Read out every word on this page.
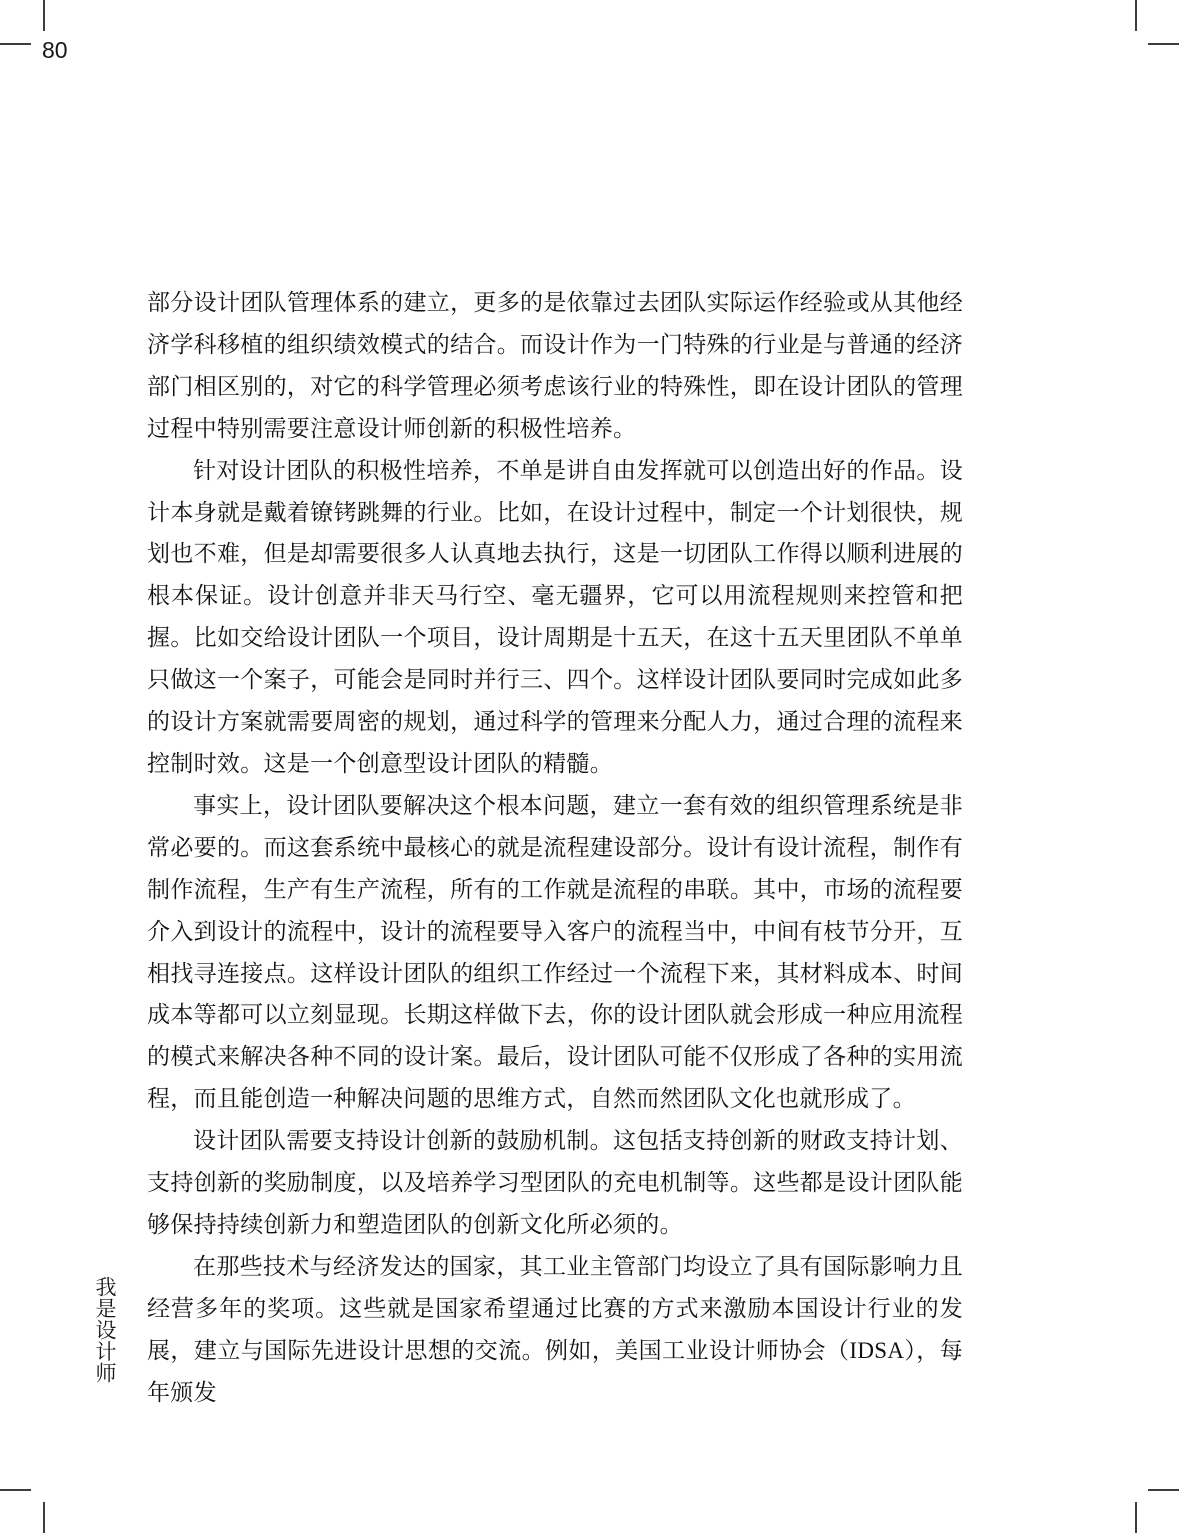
80
我是设计师

部分设计团队管理体系的建立，更多的是依靠过去团队实际运作经验或从其他经济学科移植的组织绩效模式的结合。而设计作为一门特殊的行业是与普通的经济部门相区别的，对它的科学管理必须考虑该行业的特殊性，即在设计团队的管理过程中特别需要注意设计师创新的积极性培养。

针对设计团队的积极性培养，不单是讲自由发挥就可以创造出好的作品。设计本身就是戴着镣铐跳舞的行业。比如，在设计过程中，制定一个计划很快，规划也不难，但是却需要很多人认真地去执行，这是一切团队工作得以顺利进展的根本保证。设计创意并非天马行空、毫无疆界，它可以用流程规则来控管和把握。比如交给设计团队一个项目，设计周期是十五天，在这十五天里团队不单单只做这一个案子，可能会是同时并行三、四个。这样设计团队要同时完成如此多的设计方案就需要周密的规划，通过科学的管理来分配人力，通过合理的流程来控制时效。这是一个创意型设计团队的精髓。

事实上，设计团队要解决这个根本问题，建立一套有效的组织管理系统是非常必要的。而这套系统中最核心的就是流程建设部分。设计有设计流程，制作有制作流程，生产有生产流程，所有的工作就是流程的串联。其中，市场的流程要介入到设计的流程中，设计的流程要导入客户的流程当中，中间有枝节分开，互相找寻连接点。这样设计团队的组织工作经过一个流程下来，其材料成本、时间成本等都可以立刻显现。长期这样做下去，你的设计团队就会形成一种应用流程的模式来解决各种不同的设计案。最后，设计团队可能不仅形成了各种的实用流程，而且能创造一种解决问题的思维方式，自然而然团队文化也就形成了。

设计团队需要支持设计创新的鼓励机制。这包括支持创新的财政支持计划、支持创新的奖励制度，以及培养学习型团队的充电机制等。这些都是设计团队能够保持持续创新力和塑造团队的创新文化所必须的。

在那些技术与经济发达的国家，其工业主管部门均设立了具有国际影响力且经营多年的奖项。这些就是国家希望通过比赛的方式来激励本国设计行业的发展，建立与国际先进设计思想的交流。例如，美国工业设计师协会（IDSA），每年颁发
